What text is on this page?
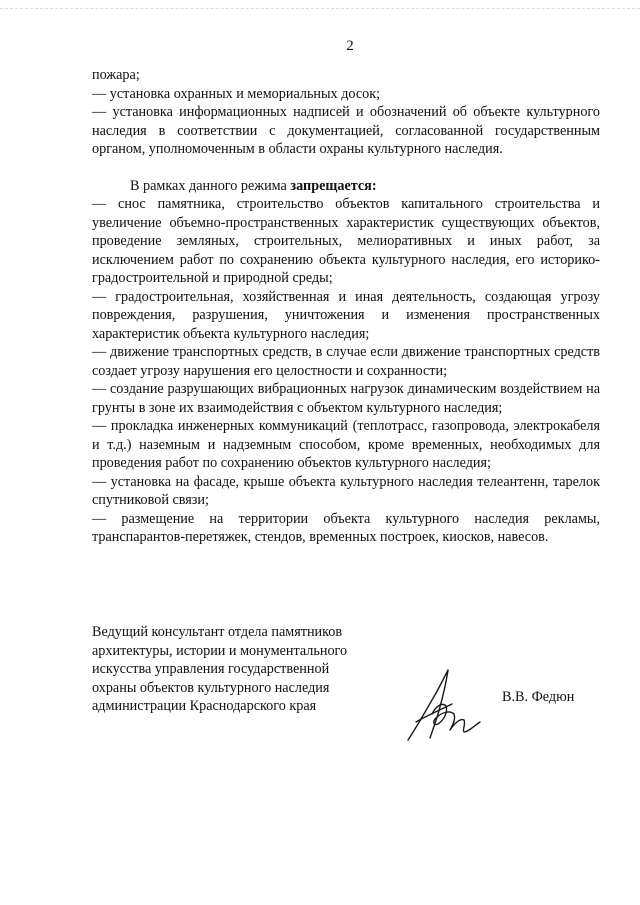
2

пожара;

— установка охранных и мемориальных досок;

— установка информационных надписей и обозначений об объекте культурного наследия в соответствии с документацией, согласованной государственным органом, уполномоченным в области охраны культурного наследия.

В рамках данного режима запрещается:

— снос памятника, строительство объектов капитального строительства и увеличение объемно-пространственных характеристик существующих объектов, проведение земляных, строительных, мелиоративных и иных работ, за исключением работ по сохранению объекта культурного наследия, его историко-градостроительной и природной среды;

— градостроительная, хозяйственная и иная деятельность, создающая угрозу повреждения, разрушения, уничтожения и изменения пространственных характеристик объекта культурного наследия;

— движение транспортных средств, в случае если движение транспортных средств создает угрозу нарушения его целостности и сохранности;

— создание разрушающих вибрационных нагрузок динамическим воздействием на грунты в зоне их взаимодействия с объектом культурного наследия;

— прокладка инженерных коммуникаций (теплотрасс, газопровода, электрокабеля и т.д.) наземным и надземным способом, кроме временных, необходимых для проведения работ по сохранению объектов культурного наследия;

— установка на фасаде, крыше объекта культурного наследия телеантенн, тарелок спутниковой связи;

— размещение на территории объекта культурного наследия рекламы, транспарантов-перетяжек, стендов, временных построек, киосков, навесов.

Ведущий консультант отдела памятников

архитектуры, истории и монументального

искусства управления государственной

охраны объектов культурного наследия

администрации Краснодарского края

В.В. Федюн
